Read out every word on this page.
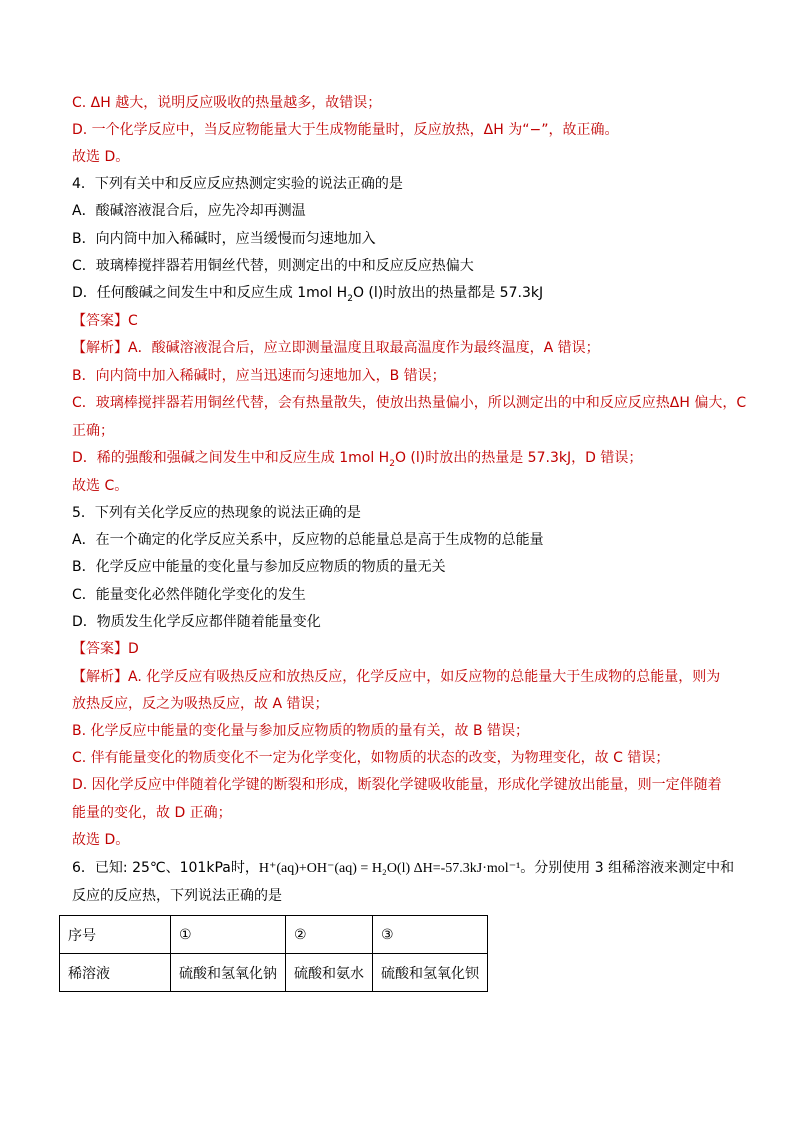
C. ΔH 越大，说明反应吸收的热量越多，故错误；
D. 一个化学反应中，当反应物能量大于生成物能量时，反应放热，ΔH 为“−”，故正确。
故选 D。
4．下列有关中和反应反应热测定实验的说法正确的是
A．酸碱溶液混合后，应先冷却再测温
B．向内筒中加入稀碱时，应当缓慢而匀速地加入
C．玻璃棒搅拌器若用铜丝代替，则测定出的中和反应反应热偏大
D．任何酸碱之间发生中和反应生成 1mol $H_2O$ (l)时放出的热量都是 57.3kJ
【答案】C
【解析】A．酸碱溶液混合后，应立即测量温度且取最高温度作为最终温度，A 错误；
B．向内筒中加入稀碱时，应当迅速而匀速地加入，B 错误；
C．玻璃棒搅拌器若用铜丝代替，会有热量散失，使放出热量偏小，所以测定出的中和反应反应热ΔH 偏大，C
正确；
D．稀的强酸和强碱之间发生中和反应生成 1mol $H_2O$ (l)时放出的热量是 57.3kJ，D 错误；
故选 C。
5．下列有关化学反应的热现象的说法正确的是
A．在一个确定的化学反应关系中，反应物的总能量总是高于生成物的总能量
B．化学反应中能量的变化量与参加反应物质的物质的量无关
C．能量变化必然伴随化学变化的发生
D．物质发生化学反应都伴随着能量变化
【答案】D
【解析】A. 化学反应有吸热反应和放热反应，化学反应中，如反应物的总能量大于生成物的总能量，则为
放热反应，反之为吸热反应，故 A 错误；
B. 化学反应中能量的变化量与参加反应物质的物质的量有关，故 B 错误；
C. 伴有能量变化的物质变化不一定为化学变化，如物质的状态的改变，为物理变化，故 C 错误；
D. 因化学反应中伴随着化学键的断裂和形成，断裂化学键吸收能量，形成化学键放出能量，则一定伴随着
能量的变化，故 D 正确；
故选 D。
6．已知: 25℃、101kPa时，H⁺(aq)+OH⁻(aq) = H₂O(l) ΔH=-57.3kJ·mol⁻¹。分别使用 3 组稀溶液来测定中和
反应的反应热，下列说法正确的是
序号	①	②	③
稀溶液	硫酸和氢氧化钠	硫酸和氨水	硫酸和氢氧化钡
